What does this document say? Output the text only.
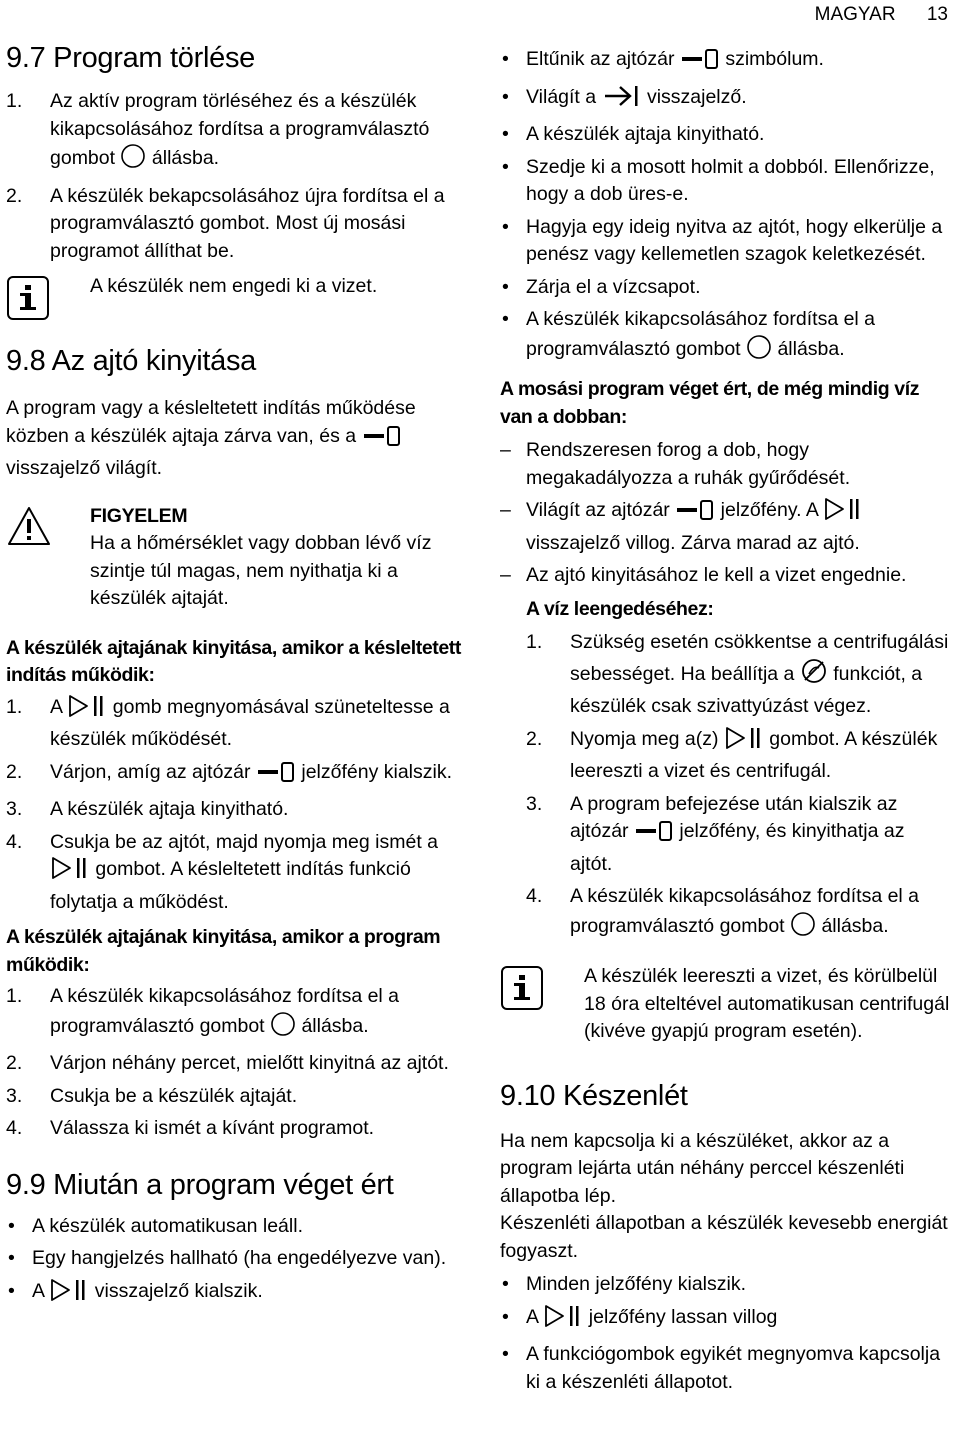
MAGYAR 13
9.7 Program törlése
1. Az aktív program törléséhez és a készülék kikapcsolásához fordítsa a programválasztó gombot állásba.
2. A készülék bekapcsolásához újra fordítsa el a programválasztó gombot. Most új mosási programot állíthat be.

A készülék nem engedi ki a vizet.

9.8 Az ajtó kinyitása

A program vagy a késleltetett indítás működése közben a készülék ajtaja zárva van, és a  visszajelző világít.

FIGYELEM

Ha a hőmérséklet vagy dobban lévő víz szintje túl magas, nem nyithatja ki a készülék ajtaját.

A készülék ajtajának kinyitása, amikor a késleltetett indítás működik:
1. A	gomb megnyomásával szüneteltesse a készülék működését.
2. Várjon, amíg az ajtózár	jelzőfény kialszik.
3. A készülék ajtaja kinyitható.
4. Csukja be az ajtót, majd nyomja meg ismét a  gombot. A késleltetett indítás funkció folytatja a működést.
A készülék ajtajának kinyitása, amikor a program működik:
1. A készülék kikapcsolásához fordítsa el a programválasztó gombot állásba.
2. Várjon néhány percet, mielőtt kinyitná az ajtót.
3. Csukja be a készülék ajtaját.
4. Válassza ki ismét a kívánt programot.
9.9 Miután a program véget ért
• A készülék automatikusan leáll.
• Egy hangjelzés hallható (ha engedélyezve van).
• A	visszajelző kialszik.
• Eltűnik az ajtózár	szimbólum.
• Világít a	visszajelző.
• A készülék ajtaja kinyitható.
• Szedje ki a mosott holmit a dobból. Ellenőrizze, hogy a dob üres-e.
• Hagyja egy ideig nyitva az ajtót, hogy elkerülje a penész vagy kellemetlen szagok keletkezését.
• Zárja el a vízcsapot.
• A készülék kikapcsolásához fordítsa el a programválasztó gombot állásba.
A mosási program véget ért, de még mindig víz van a dobban:
– Rendszeresen forog a dob, hogy megakadályozza a ruhák gyűrődését.
– Világít az ajtózár	jelzőfény. A  visszajelző villog. Zárva marad az ajtó.
– Az ajtó kinyitásához le kell a vizet engednie.
A víz leengedéséhez:
1. Szükség esetén csökkentse a centrifugálási sebességet. Ha beállítja a funkciót, a készülék csak szivattyúzást végez.
2. Nyomja meg a(z)	gombot. A készülék leereszti a vizet és centrifugál.
3. A program befejezése után kialszik az ajtózár	jelzőfény, és kinyithatja az ajtót.
4. A készülék kikapcsolásához fordítsa el a programválasztó gombot állásba.

A készülék leereszti a vizet, és körülbelül 18 óra elteltével automatikusan centrifugál (kivéve gyapjú program esetén).

9.10 Készenlét

Ha nem kapcsolja ki a készüléket, akkor az a program lejárta után néhány perccel készenléti állapotba lép.

Készenléti állapotban a készülék kevesebb energiát fogyaszt.

• Minden jelzőfény kialszik.
• A	jelzőfény lassan villog
• A funkciógombok egyikét megnyomva kapcsolja ki a készenléti állapotot.
